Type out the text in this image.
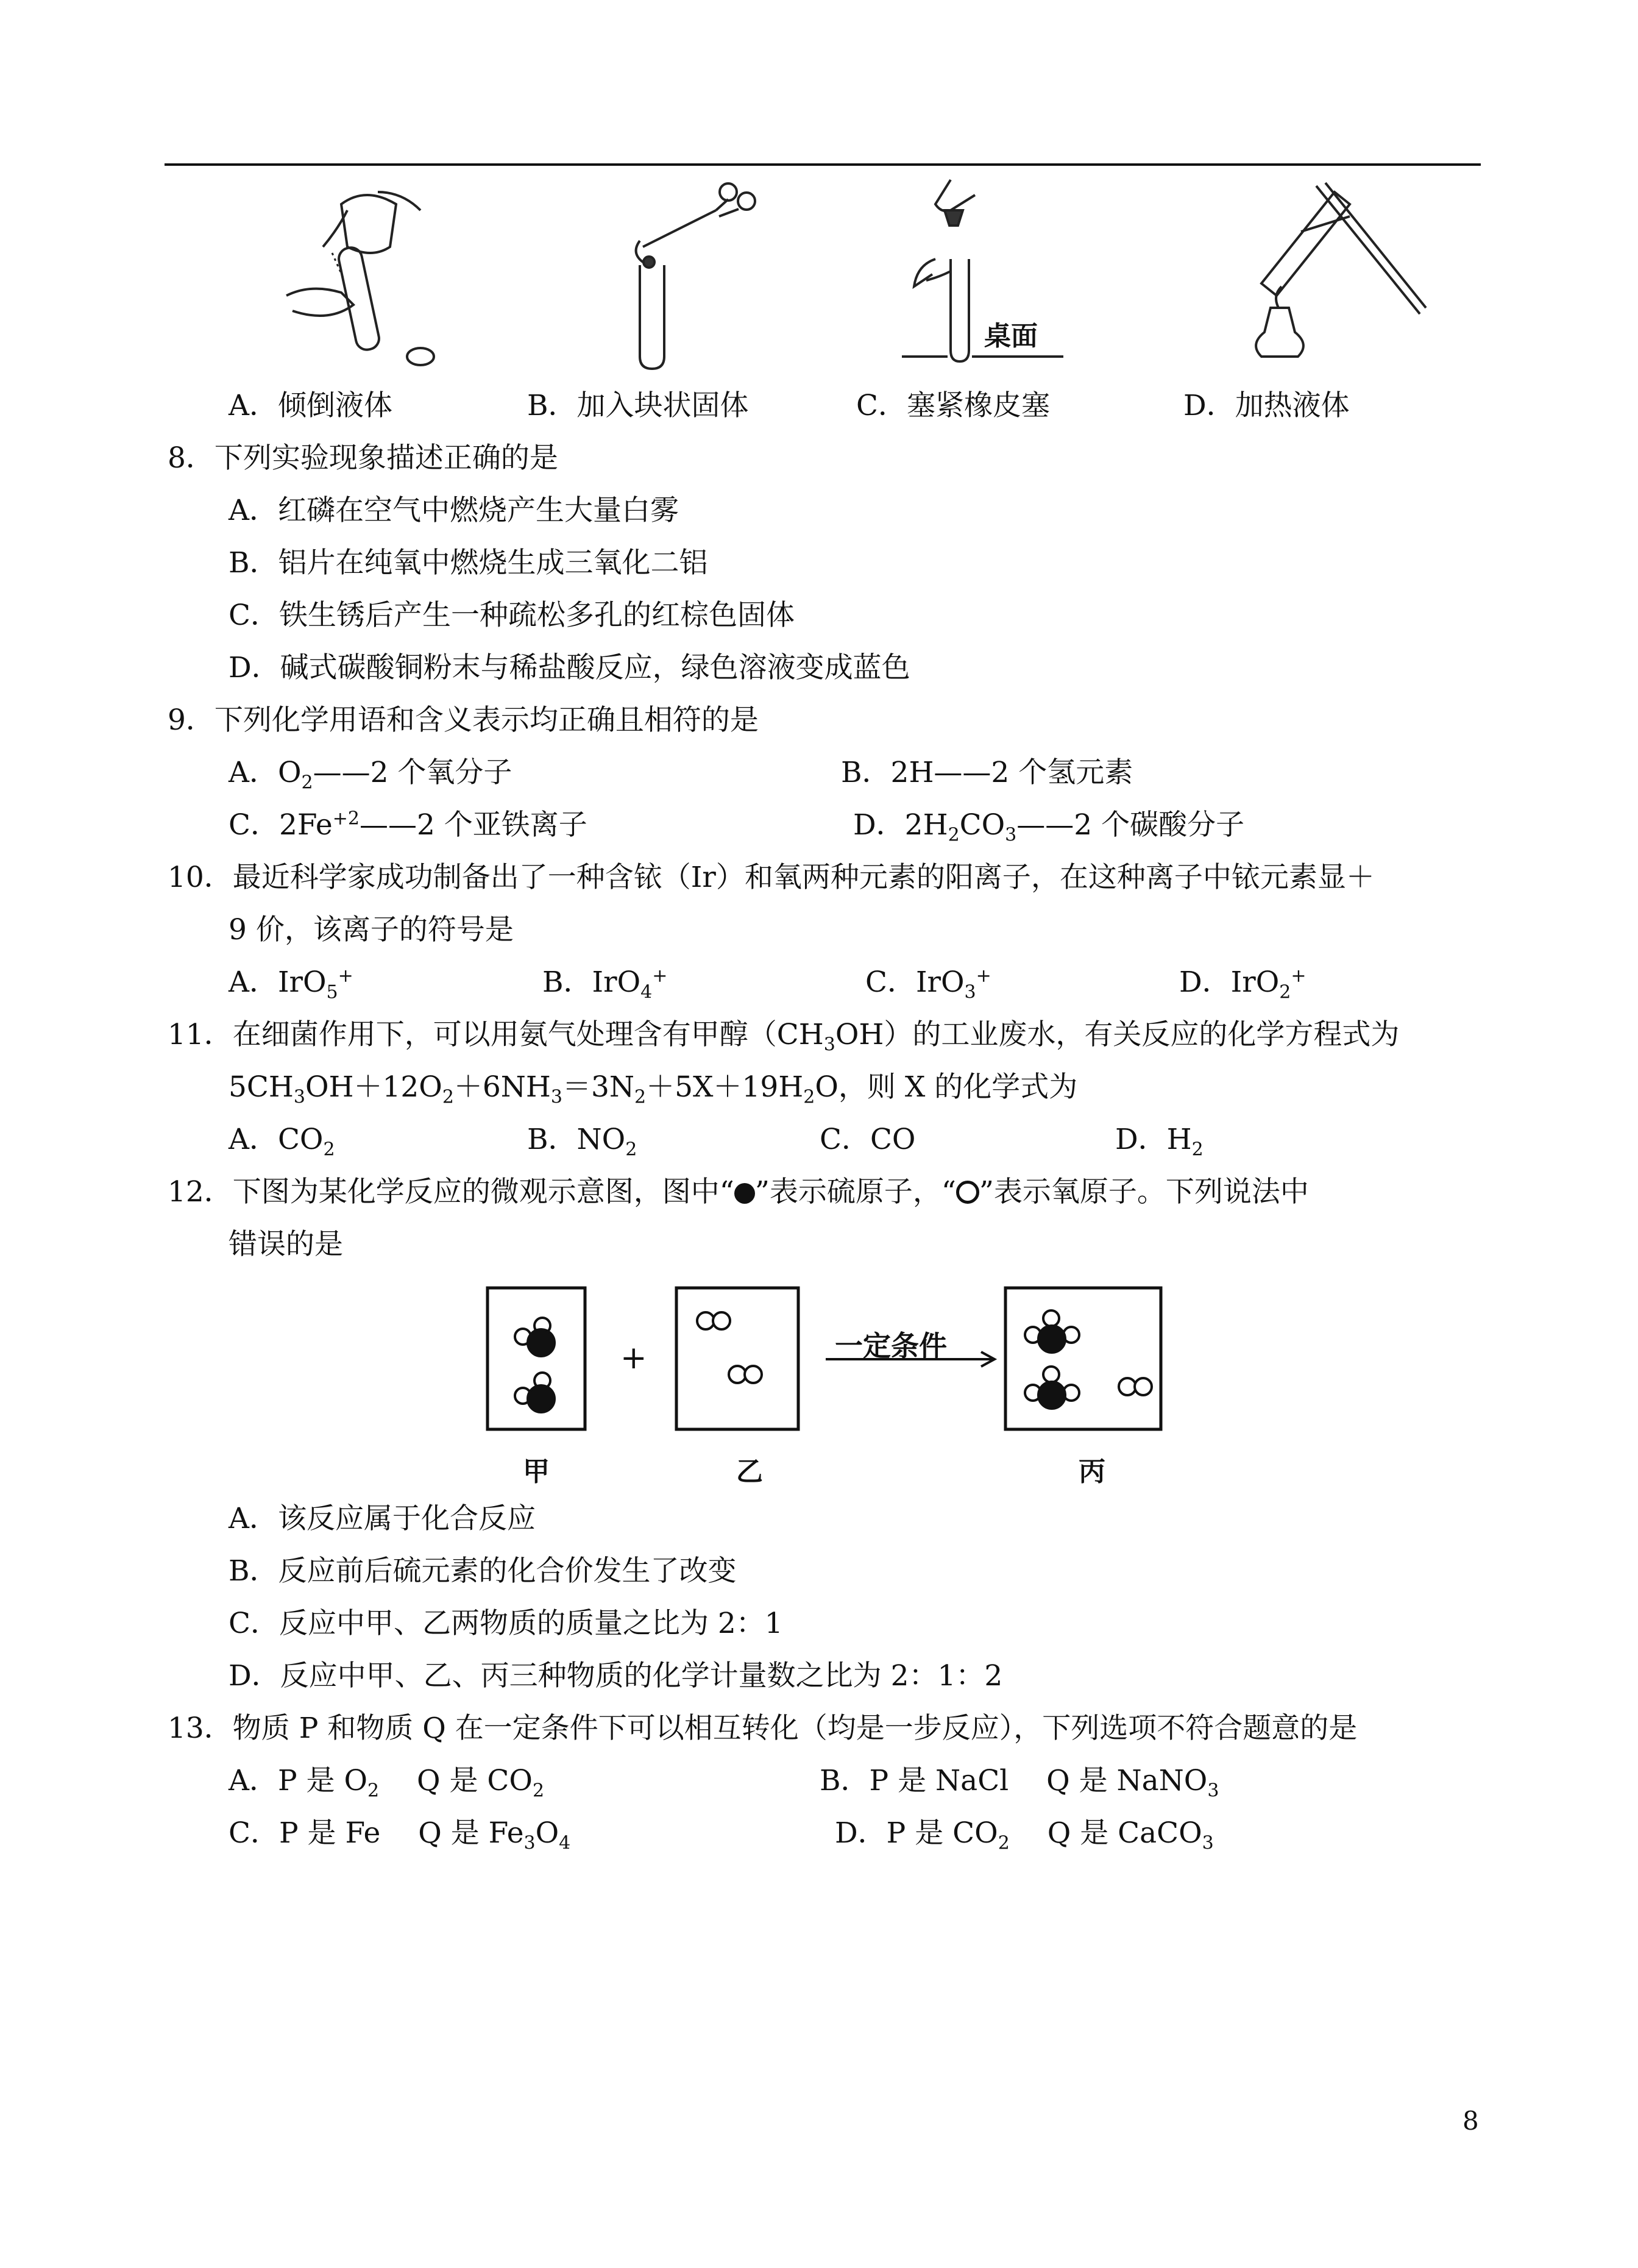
桌面
A．倾倒液体	B．加入块状固体	C．塞紧橡皮塞	D．加热液体
8．下列实验现象描述正确的是
A．红磷在空气中燃烧产生大量白雾
B．铝片在纯氧中燃烧生成三氧化二铝
C．铁生锈后产生一种疏松多孔的红棕色固体
D．碱式碳酸铜粉末与稀盐酸反应，绿色溶液变成蓝色
9．下列化学用语和含义表示均正确且相符的是
A．$O_2——2$ 个氧分子	B．2H——2 个氢元素
C．$2Fe^{+2}——2$ 个亚铁离子	D．$2H_2CO_3——2$ 个碳酸分子
10．最近科学家成功制备出了一种含铱（Ir）和氧两种元素的阳离子，在这种离子中铱元素显＋
9 价，该离子的符号是
A．IrO$_5$+	B．IrO$_4$+	C．IrO$_3$+	D．IrO$_2$+
11．在细菌作用下，可以用氨气处理含有甲醇$(CH_3OH)$的工业废水，有关反应的化学方程式为
$5CH_3OH+12O_2+6NH_3=3N_2+5X+19H_2O$，则 X 的化学式为
A．$CO_2$	B．$NO_2$	C．CO	D．$H_2$
12．下图为某化学反应的微观示意图，图中“ ”表示硫原子，“ ”表示氧原子。下列说法中
错误的是
+	一定条件
甲	乙	丙
A．该反应属于化合反应
B．反应前后硫元素的化合价发生了改变
C．反应中甲、乙两物质的质量之比为 2：1
D．反应中甲、乙、丙三种物质的化学计量数之比为 2：1：2
13．物质 P 和物质 Q 在一定条件下可以相互转化（均是一步反应），下列选项不符合题意的是
A．P 是 $O_2$　 Q 是 $CO_2$	B．P 是 NaCl　 Q 是 NaNO$_3$
C．P 是 Fe　 Q 是 $Fe_3O_4$	D．P 是 $CO_2$　 Q 是 CaCO$_3$
8
